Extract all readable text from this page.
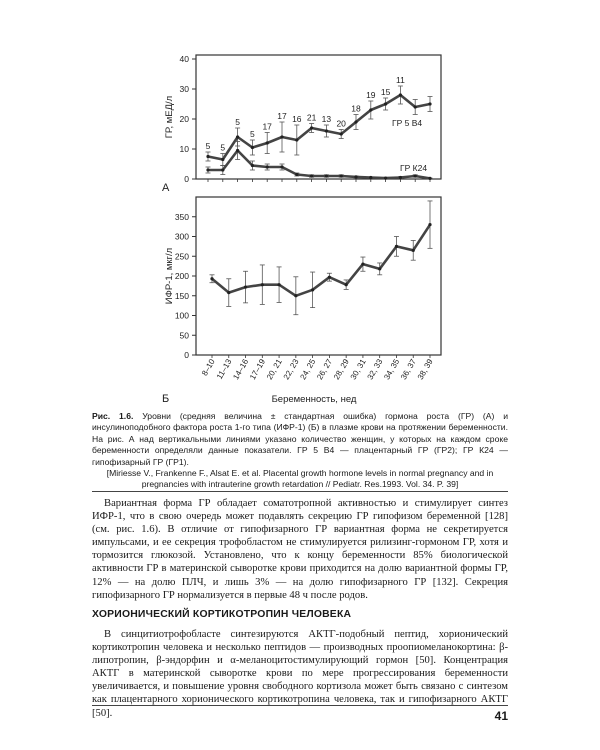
0
10
20
30
40
5 5
5
5
17
17 16 21 13 20
18
19 15
11
ГР, мЕД/л
А
ГР 5 В4
ГР К24
0
50
100
150
200
250
300
350
8–10
11–13
14–16
17–19
20, 21
22, 23
24, 25
26, 27
28, 29
30, 31
32, 33
34, 35
36, 37
38, 39
ИФР-1, мкг/л
Беременность, нед
Б
Рис. 1.6. Уровни (средняя величина ± стандартная ошибка) гормона роста (ГР) (А) и инсулиноподобного фактора роста 1-го типа (ИФР-1) (Б) в плазме крови на протяжении беременности. На рис. А над вертикальными линиями указано количество женщин, у которых на каждом сроке беременности определяли данные показатели. ГР 5 В4 — плацентарный ГР (ГР2); ГР К24 — гипофизарный ГР (ГР1).
[Miriesse V., Frankenne F., Alsat E. et al. Placental growth hormone levels in normal pregnancy and in pregnancies with intrauterine growth retardation // Pediatr. Res.1993. Vol. 34. P. 39]

Вариантная форма ГР обладает соматотропной активностью и стимулирует синтез ИФР-1, что в свою очередь может подавлять секрецию ГР гипофизом беременной [128] (см. рис. 1.6). В отличие от гипофизарного ГР вариантная форма не секретируется импульсами, и ее секреция трофобластом не стимулируется рилизинг-гормоном ГР, хотя и тормозится глюкозой. Установлено, что к концу беременности 85% биологической активности ГР в материнской сыворотке крови приходится на долю вариантной формы ГР, 12% — на долю ПЛЧ, и лишь 3% — на долю гипофизарного ГР [132]. Секреция гипофизарного ГР нормализуется в первые 48 ч после родов.

ХОРИОНИЧЕСКИЙ КОРТИКОТРОПИН ЧЕЛОВЕКА

В синцитиотрофобласте синтезируются АКТГ-подобный пептид, хорионический кортикотропин человека и несколько пептидов — производных проопиомеланокортина: β-липотропин, β-эндорфин и α-меланоцитостимулирующий гормон [50]. Концентрация АКТГ в материнской сыворотке крови по мере прогрессирования беременности увеличивается, и повышение уровня свободного кортизола может быть связано с синтезом как плацентарного хорионического кортикотропина человека, так и гипофизарного АКТГ [50].	41
